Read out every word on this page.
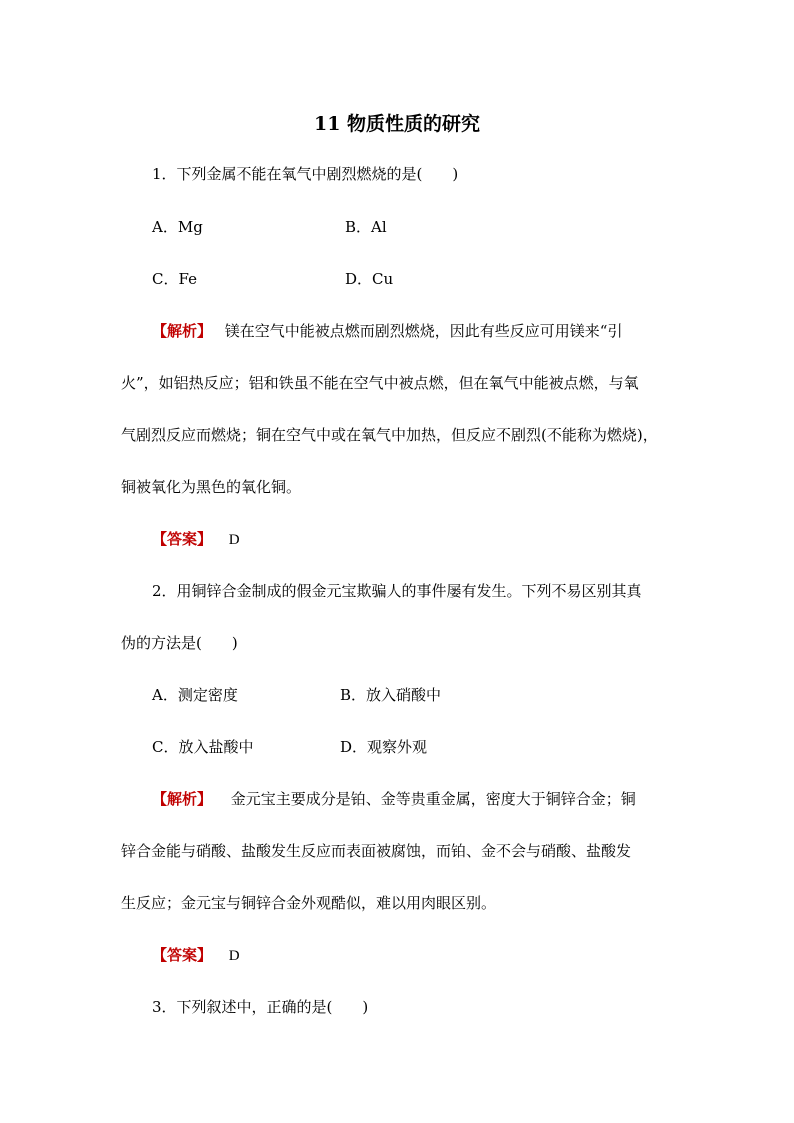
11 物质性质的研究
1．下列金属不能在氧气中剧烈燃烧的是(　　)
A．Mg	B．Al
C．Fe	D．Cu
【解析】 镁在空气中能被点燃而剧烈燃烧，因此有些反应可用镁来“引
火”，如铝热反应；铝和铁虽不能在空气中被点燃，但在氧气中能被点燃，与氧
气剧烈反应而燃烧；铜在空气中或在氧气中加热，但反应不剧烈(不能称为燃烧)，
铜被氧化为黑色的氧化铜。
【答案】 D
2．用铜锌合金制成的假金元宝欺骗人的事件屡有发生。下列不易区别其真
伪的方法是(　　)
A．测定密度	B．放入硝酸中
C．放入盐酸中	D．观察外观
【解析】 金元宝主要成分是铂、金等贵重金属，密度大于铜锌合金；铜
锌合金能与硝酸、盐酸发生反应而表面被腐蚀，而铂、金不会与硝酸、盐酸发
生反应；金元宝与铜锌合金外观酷似，难以用肉眼区别。
【答案】 D
3．下列叙述中，正确的是(　　)
